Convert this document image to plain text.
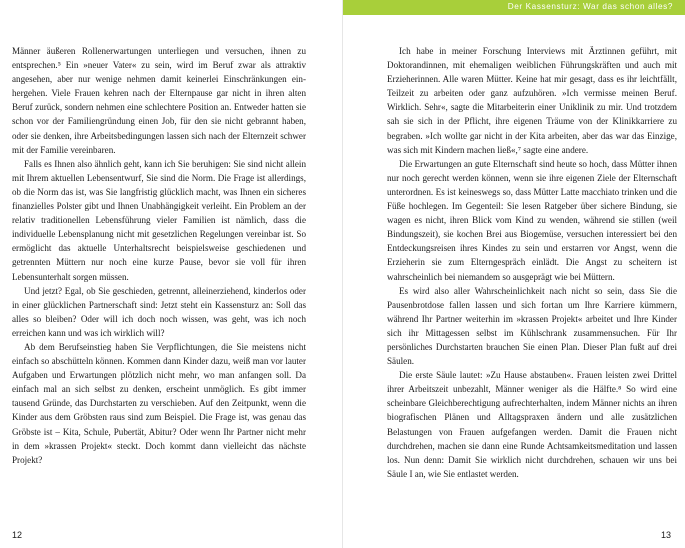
Männer äußeren Rollenerwartungen unterliegen und versuchen, ihnen zu entsprechen.⁵ Ein »neuer Vater« zu sein, wird im Beruf zwar als attraktiv angesehen, aber nur wenige nehmen damit keinerlei Einschränkungen einhergehen. Viele Frauen kehren nach der Elternpause gar nicht in ihren alten Beruf zurück, sondern nehmen eine schlechtere Position an. Entweder hatten sie schon vor der Familiengründung einen Job, für den sie nicht gebrannt haben, oder sie denken, ihre Arbeitsbedingungen lassen sich nach der Elternzeit schwer mit der Familie vereinbaren.

Falls es Ihnen also ähnlich geht, kann ich Sie beruhigen: Sie sind nicht allein mit Ihrem aktuellen Lebensentwurf, Sie sind die Norm. Die Frage ist allerdings, ob die Norm das ist, was Sie langfristig glücklich macht, was Ihnen ein sicheres finanzielles Polster gibt und Ihnen Unabhängigkeit verleiht. Ein Problem an der relativ traditionellen Lebensführung vieler Familien ist nämlich, dass die individuelle Lebensplanung nicht mit gesetzlichen Regelungen vereinbar ist. So ermöglicht das aktuelle Unterhaltsrecht beispielsweise geschiedenen und getrennten Müttern nur noch eine kurze Pause, bevor sie voll für ihren Lebensunterhalt sorgen müssen.

Und jetzt? Egal, ob Sie geschieden, getrennt, alleinerziehend, kinderlos oder in einer glücklichen Partnerschaft sind: Jetzt steht ein Kassensturz an: Soll das alles so bleiben? Oder will ich doch noch wissen, was geht, was ich noch erreichen kann und was ich wirklich will?

Ab dem Berufseinstieg haben Sie Verpflichtungen, die Sie meistens nicht einfach so abschütteln können. Kommen dann Kinder dazu, weiß man vor lauter Aufgaben und Erwartungen plötzlich nicht mehr, wo man anfangen soll. Da einfach mal an sich selbst zu denken, erscheint unmöglich. Es gibt immer tausend Gründe, das Durchstarten zu verschieben. Auf den Zeitpunkt, wenn die Kinder aus dem Gröbsten raus sind zum Beispiel. Die Frage ist, was genau das Gröbste ist – Kita, Schule, Pubertät, Abitur? Oder wenn Ihr Partner nicht mehr in dem »krassen Projekt« steckt. Doch kommt dann vielleicht das nächste Projekt?

12
Der Kassensturz: War das schon alles?

Ich habe in meiner Forschung Interviews mit Ärztinnen geführt, mit Doktorandinnen, mit ehemaligen weiblichen Führungskräften und auch mit Erzieherinnen. Alle waren Mütter. Keine hat mir gesagt, dass es ihr leichtfällt, Teilzeit zu arbeiten oder ganz aufzuhören. »Ich vermisse meinen Beruf. Wirklich. Sehr«, sagte die Mitarbeiterin einer Uniklinik zu mir. Und trotzdem sah sie sich in der Pflicht, ihre eigenen Träume von der Klinikkarriere zu begraben. »Ich wollte gar nicht in der Kita arbeiten, aber das war das Einzige, was sich mit Kindern machen ließ«,⁷ sagte eine andere.

Die Erwartungen an gute Elternschaft sind heute so hoch, dass Mütter ihnen nur noch gerecht werden können, wenn sie ihre eigenen Ziele der Elternschaft unterordnen. Es ist keineswegs so, dass Mütter Latte macchiato trinken und die Füße hochlegen. Im Gegenteil: Sie lesen Ratgeber über sichere Bindung, sie wagen es nicht, ihren Blick vom Kind zu wenden, während sie stillen (weil Bindungszeit), sie kochen Brei aus Biogemüse, versuchen interessiert bei den Entdeckungsreisen ihres Kindes zu sein und erstarren vor Angst, wenn die Erzieherin sie zum Elterngespräch einlädt. Die Angst zu scheitern ist wahrscheinlich bei niemandem so ausgeprägt wie bei Müttern.

Es wird also aller Wahrscheinlichkeit nach nicht so sein, dass Sie die Pausenbrotdose fallen lassen und sich fortan um Ihre Karriere kümmern, während Ihr Partner weiterhin im »krassen Projekt« arbeitet und Ihre Kinder sich ihr Mittagessen selbst im Kühlschrank zusammensuchen. Für Ihr persönliches Durchstarten brauchen Sie einen Plan. Dieser Plan fußt auf drei Säulen.

Die erste Säule lautet: »Zu Hause abstauben«. Frauen leisten zwei Drittel ihrer Arbeitszeit unbezahlt, Männer weniger als die Hälfte.⁸ So wird eine scheinbare Gleichberechtigung aufrechterhalten, indem Männer nichts an ihren biografischen Plänen und Alltagspraxen ändern und alle zusätzlichen Belastungen von Frauen aufgefangen werden. Damit die Frauen nicht durchdrehen, machen sie dann eine Runde Achtsamkeitsmeditation und lassen los. Nun denn: Damit Sie wirklich nicht durchdrehen, schauen wir uns bei Säule I an, wie Sie entlastet werden.

13
